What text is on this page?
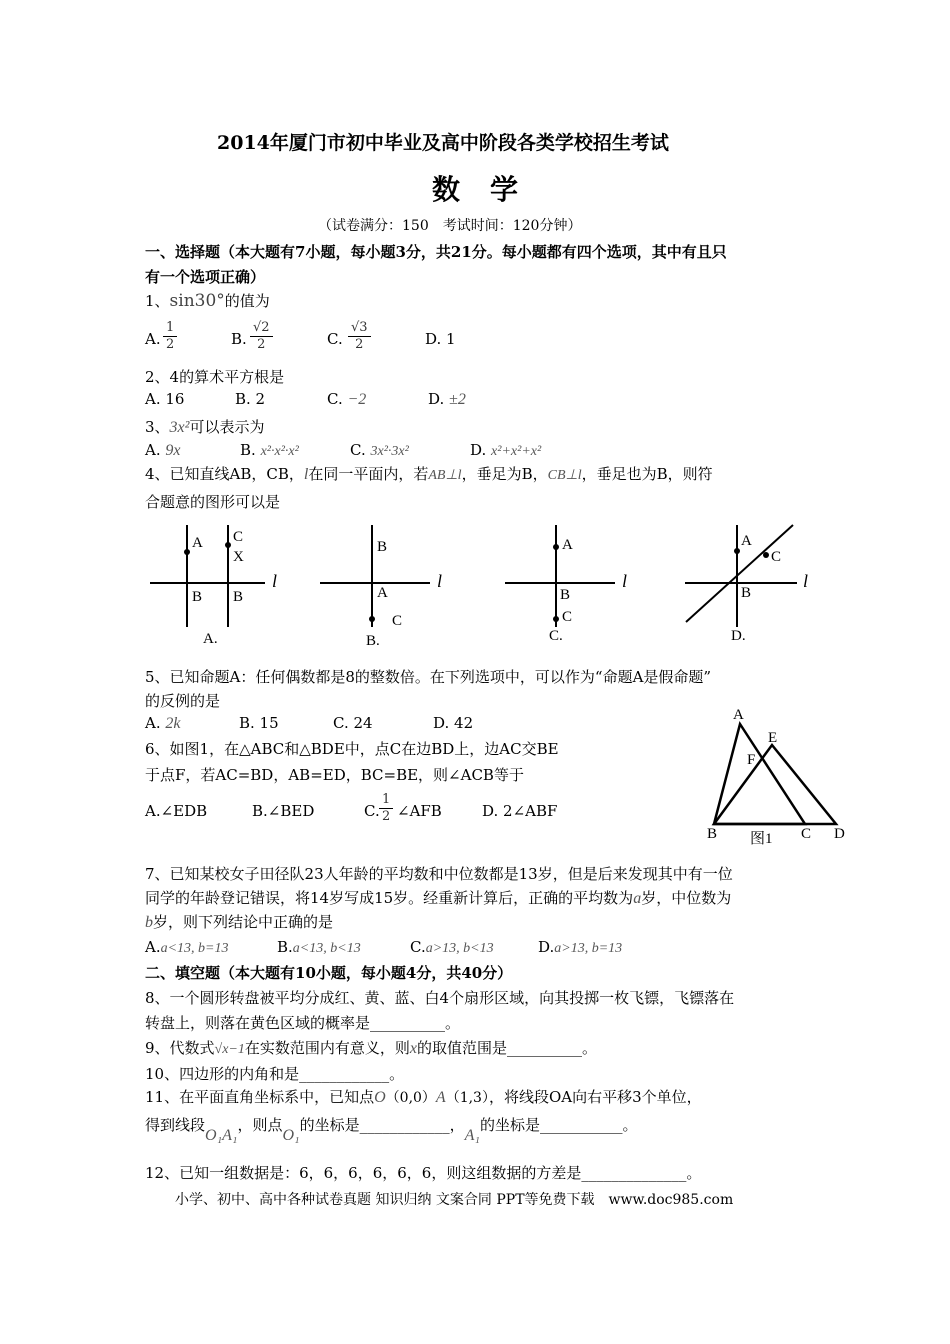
2014年厦门市初中毕业及高中阶段各类学校招生考试
数学
（试卷满分：150　考试时间：120分钟）
一、选择题（本大题有7小题，每小题3分，共21分。每小题都有四个选项，其中有且只
有一个选项正确）
1、sin30°的值为
A. $\frac{1}{2}$	B. $\frac{√2}{2}$	C. $\frac{√3}{2}$	D. 1
2、4的算术平方根是
A. 16	B. 2	C. −2	D. ±2
3、3x²可以表示为
A. 9x	B. x²·x²·x²	C. 3x²·3x²	D. x²+x²+x²
4、已知直线AB，CB，l在同一平面内，若AB⊥l，垂足为B，CB⊥l，垂足也为B，则符
合题意的图形可以是
A C
X
B B
l
A.
B
A
C
l
B.
A
B
C
l
C.
A
C
B
l
D.
5、已知命题A：任何偶数都是8的整数倍。在下列选项中，可以作为“命题A是假命题”
的反例的是
A. 2k	B. 15	C. 24	D. 42
6、如图1，在△ABC和△BDE中，点C在边BD上，边AC交BE
于点F，若AC=BD，AB=ED，BC=BE，则∠ACB等于
A.∠EDB	B.∠BED	C. $\frac{1}{2}$ ∠AFB	D. 2∠ABF
A
E
F
B 图1 C D
7、已知某校女子田径队23人年龄的平均数和中位数都是13岁，但是后来发现其中有一位
同学的年龄登记错误，将14岁写成15岁。经重新计算后，正确的平均数为a岁，中位数为
b岁，则下列结论中正确的是
A.a<13, b=13	B.a<13, b<13	C.a>13, b<13	D.a>13, b=13
二、填空题（本大题有10小题，每小题4分，共40分）
8、一个圆形转盘被平均分成红、黄、蓝、白4个扇形区域，向其投掷一枚飞镖，飞镖落在
转盘上，则落在黄色区域的概率是__________。
9、代数式√x−1在实数范围内有意义，则x的取值范围是__________。
10、四边形的内角和是____________。
11、在平面直角坐标系中，已知点O（0,0）A（1,3），将线段OA向右平移3个单位，
得到线段O₁A₁，则点O₁的坐标是____________，A₁的坐标是___________。
12、已知一组数据是：6，6，6，6，6，6，则这组数据的方差是______________。
小学、初中、高中各种试卷真题 知识归纳 文案合同 PPT等免费下载　www.doc985.com
